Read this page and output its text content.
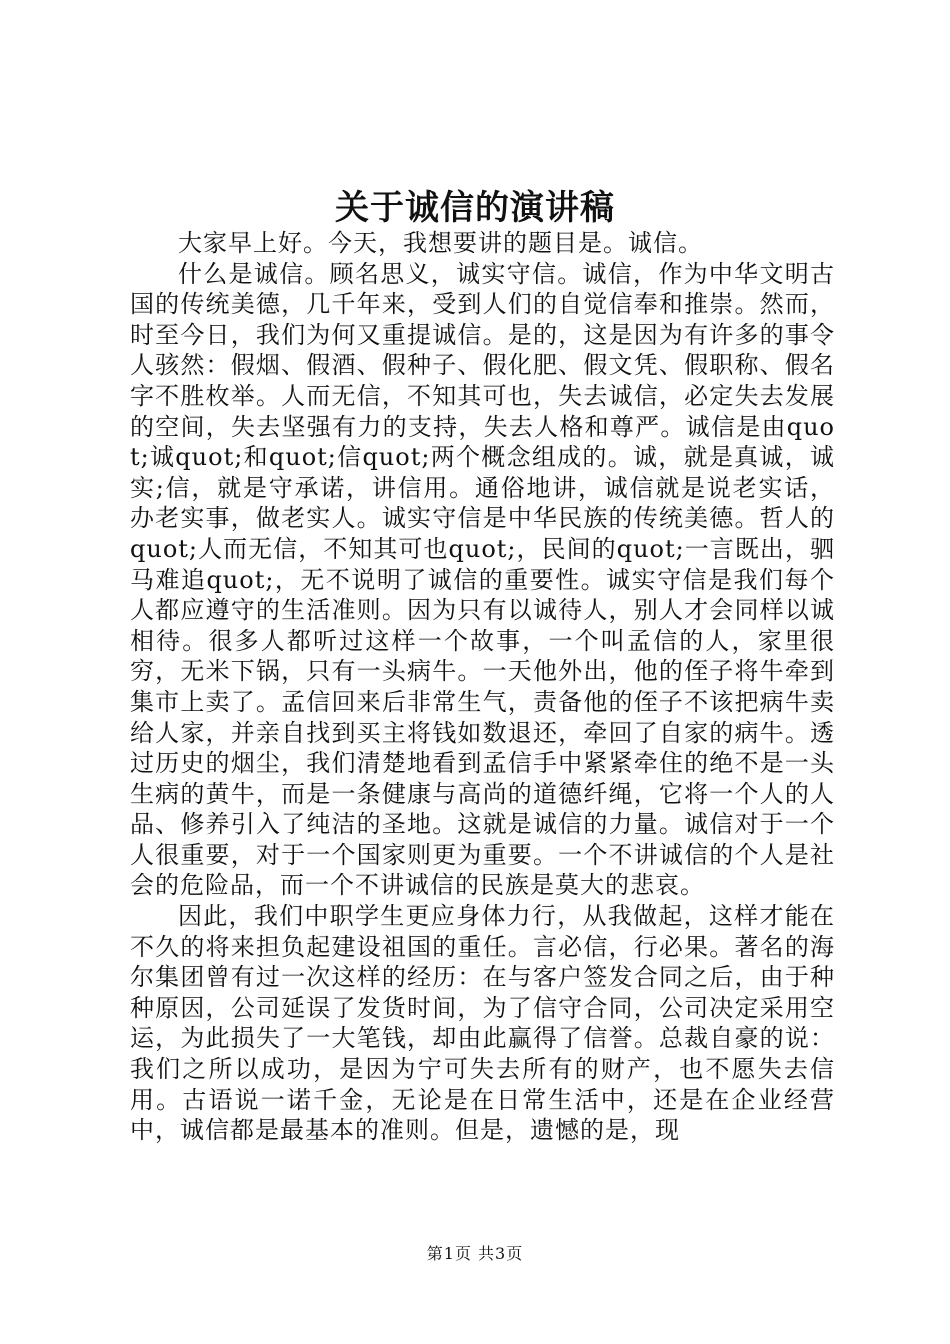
关于诚信的演讲稿

大家早上好。今天，我想要讲的题目是。诚信。

什么是诚信。顾名思义，诚实守信。诚信，作为中华文明古国的传统美德，几千年来，受到人们的自觉信奉和推崇。然而，时至今日，我们为何又重提诚信。是的，这是因为有许多的事令人骇然：假烟、假酒、假种子、假化肥、假文凭、假职称、假名字不胜枚举。人而无信，不知其可也，失去诚信，必定失去发展的空间，失去坚强有力的支持，失去人格和尊严。诚信是由quot;诚quot;和quot;信quot;两个概念组成的。诚，就是真诚，诚实;信，就是守承诺，讲信用。通俗地讲，诚信就是说老实话，办老实事，做老实人。诚实守信是中华民族的传统美德。哲人的quot;人而无信，不知其可也quot;，民间的quot;一言既出，驷马难追quot;，无不说明了诚信的重要性。诚实守信是我们每个人都应遵守的生活准则。因为只有以诚待人，别人才会同样以诚相待。很多人都听过这样一个故事，一个叫孟信的人，家里很穷，无米下锅，只有一头病牛。一天他外出，他的侄子将牛牵到集市上卖了。孟信回来后非常生气，责备他的侄子不该把病牛卖给人家，并亲自找到买主将钱如数退还，牵回了自家的病牛。透过历史的烟尘，我们清楚地看到孟信手中紧紧牵住的绝不是一头生病的黄牛，而是一条健康与高尚的道德纤绳，它将一个人的人品、修养引入了纯洁的圣地。这就是诚信的力量。诚信对于一个人很重要，对于一个国家则更为重要。一个不讲诚信的个人是社会的危险品，而一个不讲诚信的民族是莫大的悲哀。

因此，我们中职学生更应身体力行，从我做起，这样才能在不久的将来担负起建设祖国的重任。言必信，行必果。著名的海尔集团曾有过一次这样的经历：在与客户签发合同之后，由于种种原因，公司延误了发货时间，为了信守合同，公司决定采用空运，为此损失了一大笔钱，却由此赢得了信誉。总裁自豪的说：我们之所以成功，是因为宁可失去所有的财产，也不愿失去信用。古语说一诺千金，无论是在日常生活中，还是在企业经营中，诚信都是最基本的准则。但是，遗憾的是，现

第1页 共3页
